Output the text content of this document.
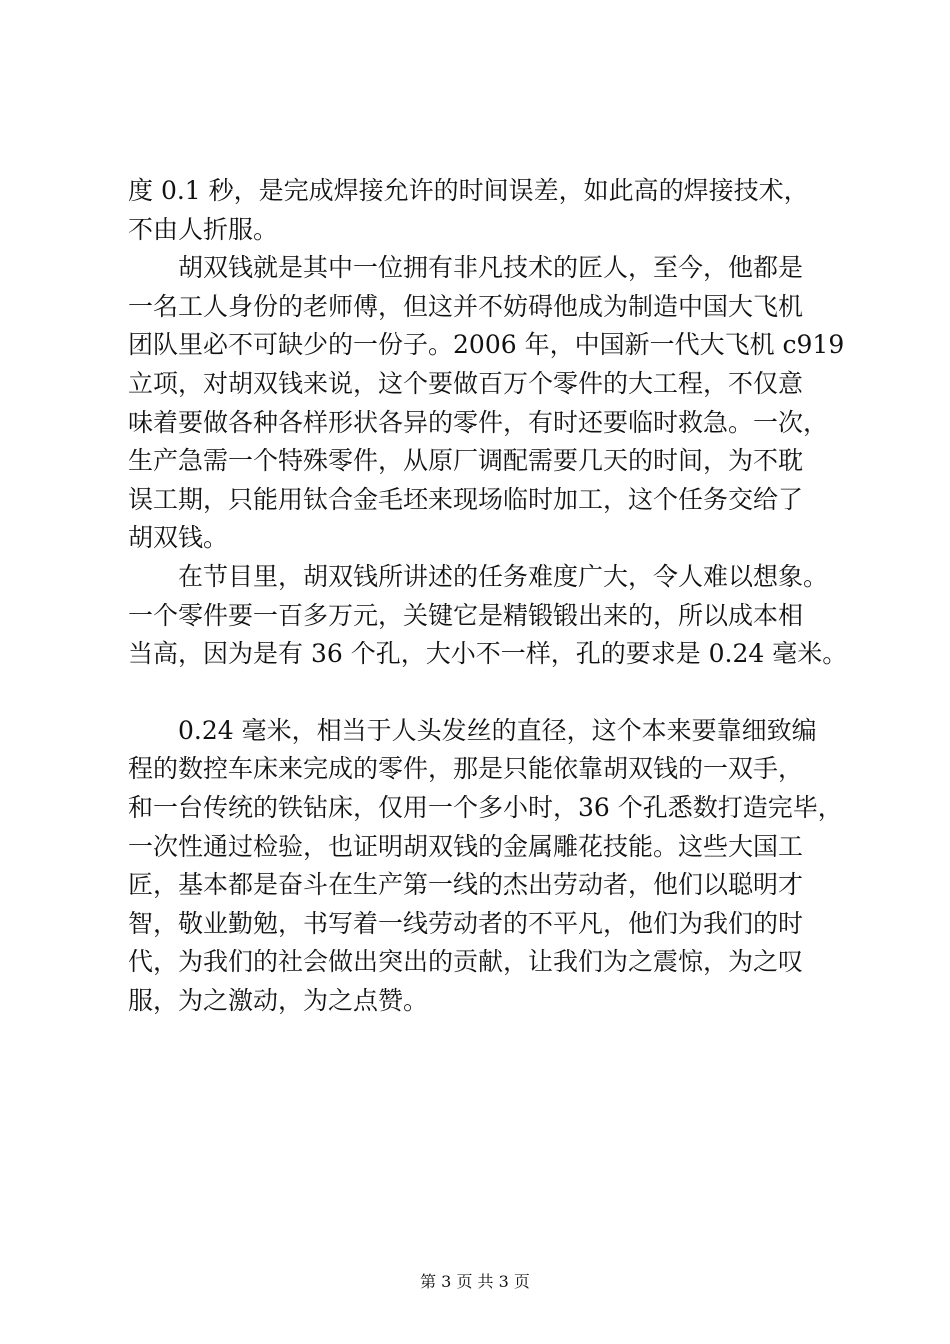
度 0.1 秒，是完成焊接允许的时间误差，如此高的焊接技术，
不由人折服。
　　胡双钱就是其中一位拥有非凡技术的匠人，至今，他都是
一名工人身份的老师傅，但这并不妨碍他成为制造中国大飞机
团队里必不可缺少的一份子。2006 年，中国新一代大飞机 c919
立项，对胡双钱来说，这个要做百万个零件的大工程，不仅意
味着要做各种各样形状各异的零件，有时还要临时救急。一次，
生产急需一个特殊零件，从原厂调配需要几天的时间，为不耽
误工期，只能用钛合金毛坯来现场临时加工，这个任务交给了
胡双钱。
　　在节目里，胡双钱所讲述的任务难度广大，令人难以想象。
一个零件要一百多万元，关键它是精锻锻出来的，所以成本相
当高，因为是有 36 个孔，大小不一样，孔的要求是 0.24 毫米。
　　0.24 毫米，相当于人头发丝的直径，这个本来要靠细致编
程的数控车床来完成的零件，那是只能依靠胡双钱的一双手，
和一台传统的铁钻床，仅用一个多小时，36 个孔悉数打造完毕，
一次性通过检验，也证明胡双钱的金属雕花技能。这些大国工
匠，基本都是奋斗在生产第一线的杰出劳动者，他们以聪明才
智，敬业勤勉，书写着一线劳动者的不平凡，他们为我们的时
代，为我们的社会做出突出的贡献，让我们为之震惊，为之叹
服，为之激动，为之点赞。
第 3 页 共 3 页
